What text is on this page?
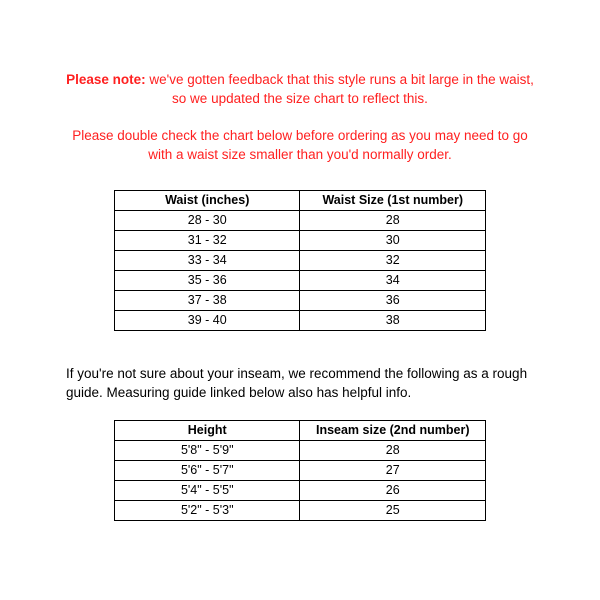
Please note: we've gotten feedback that this style runs a bit large in the waist,
so we updated the size chart to reflect this.
Please double check the chart below before ordering as you may need to go
with a waist size smaller than you'd normally order.
Waist (inches)	Waist Size (1st number)
28 - 30	28
31 - 32	30
33 - 34	32
35 - 36	34
37 - 38	36
39 - 40	38
If you're not sure about your inseam, we recommend the following as a rough
guide. Measuring guide linked below also has helpful info.
Height	Inseam size (2nd number)
5'8" - 5'9"	28
5'6" - 5'7"	27
5'4" - 5'5"	26
5'2" - 5'3"	25
